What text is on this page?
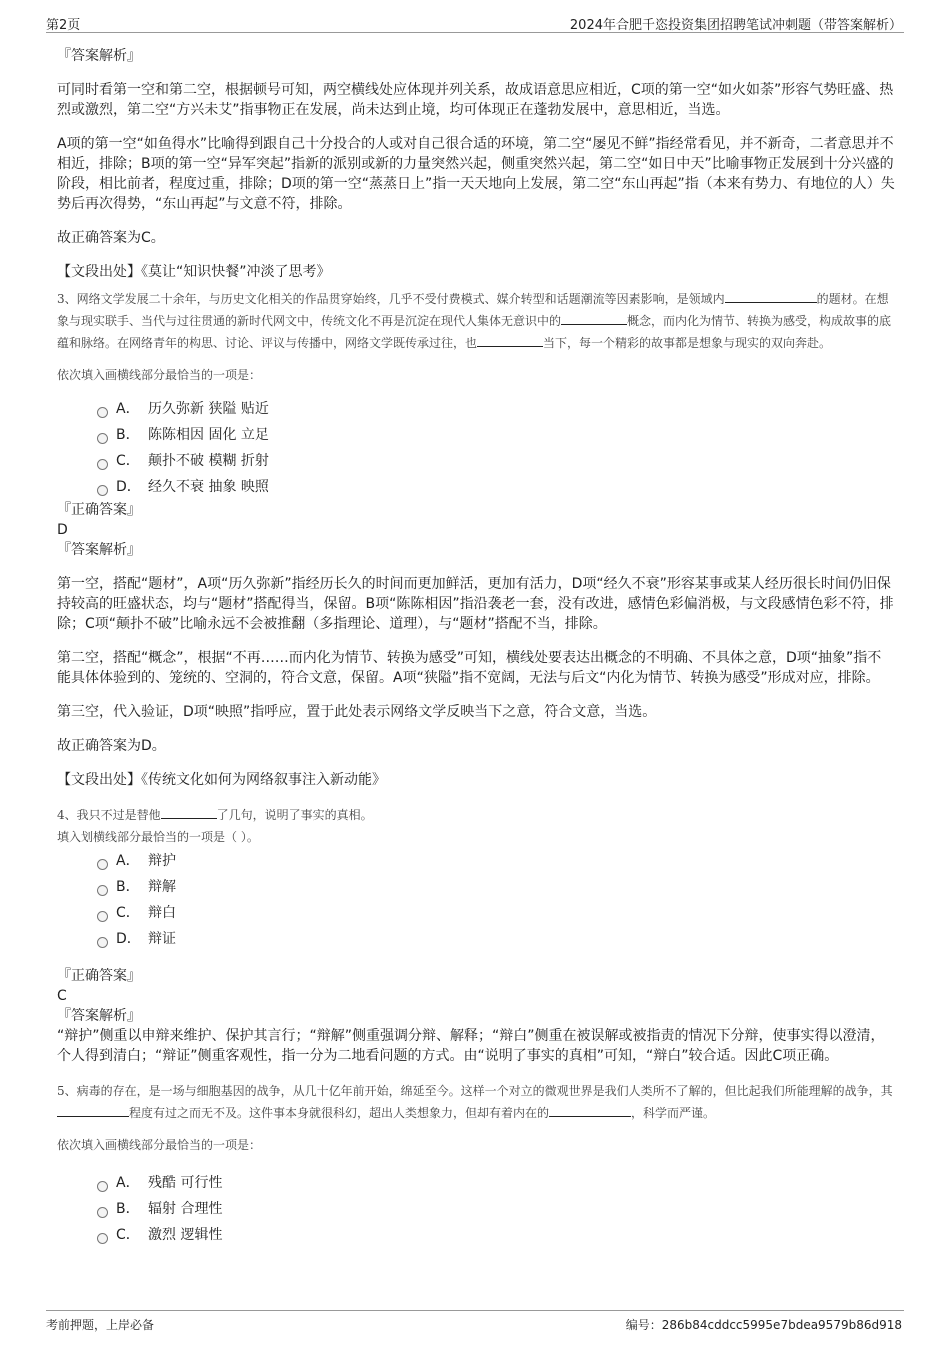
第2页	2024年合肥千恣投资集团招聘笔试冲刺题（带答案解析）

『答案解析』

可同时看第一空和第二空，根据顿号可知，两空横线处应体现并列关系，故成语意思应相近，C项的第一空“如火如荼”形容气势旺盛、热烈或激烈，第二空“方兴未艾”指事物正在发展，尚未达到止境，均可体现正在蓬勃发展中，意思相近，当选。

A项的第一空“如鱼得水”比喻得到跟自己十分投合的人或对自己很合适的环境，第二空“屡见不鲜”指经常看见，并不新奇，二者意思并不相近，排除；B项的第一空“异军突起”指新的派别或新的力量突然兴起，侧重突然兴起，第二空“如日中天”比喻事物正发展到十分兴盛的阶段，相比前者，程度过重，排除；D项的第一空“蒸蒸日上”指一天天地向上发展，第二空“东山再起”指（本来有势力、有地位的人）失势后再次得势，“东山再起”与文意不符，排除。

故正确答案为C。

【文段出处】《莫让“知识快餐”冲淡了思考》

3、网络文学发展二十余年，与历史文化相关的作品贯穿始终，几乎不受付费模式、媒介转型和话题潮流等因素影响，是领域内	的题材。在想象与现实联手、当代与过往贯通的新时代网文中，传统文化不再是沉淀在现代人集体无意识中的	概念，而内化为情节、转换为感受，构成故事的底蕴和脉络。在网络青年的构思、讨论、评议与传播中，网络文学既传承过往，也	当下，每一个精彩的故事都是想象与现实的双向奔赴。

依次填入画横线部分最恰当的一项是：

A． 历久弥新 狭隘 贴近
B． 陈陈相因 固化 立足
C． 颠扑不破 模糊 折射
D． 经久不衰 抽象 映照

『正确答案』

D

『答案解析』

第一空，搭配“题材”，A项“历久弥新”指经历长久的时间而更加鲜活，更加有活力，D项“经久不衰”形容某事或某人经历很长时间仍旧保持较高的旺盛状态，均与“题材”搭配得当，保留。B项“陈陈相因”指沿袭老一套，没有改进，感情色彩偏消极，与文段感情色彩不符，排除；C项“颠扑不破”比喻永远不会被推翻（多指理论、道理），与“题材”搭配不当，排除。

第二空，搭配“概念”，根据“不再……而内化为情节、转换为感受”可知，横线处要表达出概念的不明确、不具体之意，D项“抽象”指不能具体体验到的、笼统的、空洞的，符合文意，保留。A项“狭隘”指不宽阔，无法与后文“内化为情节、转换为感受”形成对应，排除。

第三空，代入验证，D项“映照”指呼应，置于此处表示网络文学反映当下之意，符合文意，当选。

故正确答案为D。

【文段出处】《传统文化如何为网络叙事注入新动能》

4、我只不过是替他	了几句，说明了事实的真相。

填入划横线部分最恰当的一项是（ ）。

A． 辩护
B． 辩解
C． 辩白
D． 辩证

『正确答案』

C

『答案解析』

“辩护”侧重以申辩来维护、保护其言行；“辩解”侧重强调分辩、解释；“辩白”侧重在被误解或被指责的情况下分辩，使事实得以澄清，个人得到清白；“辩证”侧重客观性，指一分为二地看问题的方式。由“说明了事实的真相”可知，“辩白”较合适。因此C项正确。

5、病毒的存在，是一场与细胞基因的战争，从几十亿年前开始，绵延至今。这样一个对立的微观世界是我们人类所不了解的，但比起我们所能理解的战争，其程度有过之而无不及。这件事本身就很科幻，超出人类想象力，但却有着内在的	，科学而严谨。

依次填入画横线部分最恰当的一项是：

A． 残酷 可行性
B． 辐射 合理性
C． 激烈 逻辑性
考前押题，上岸必备	编号：286b84cddcc5995e7bdea9579b86d918
